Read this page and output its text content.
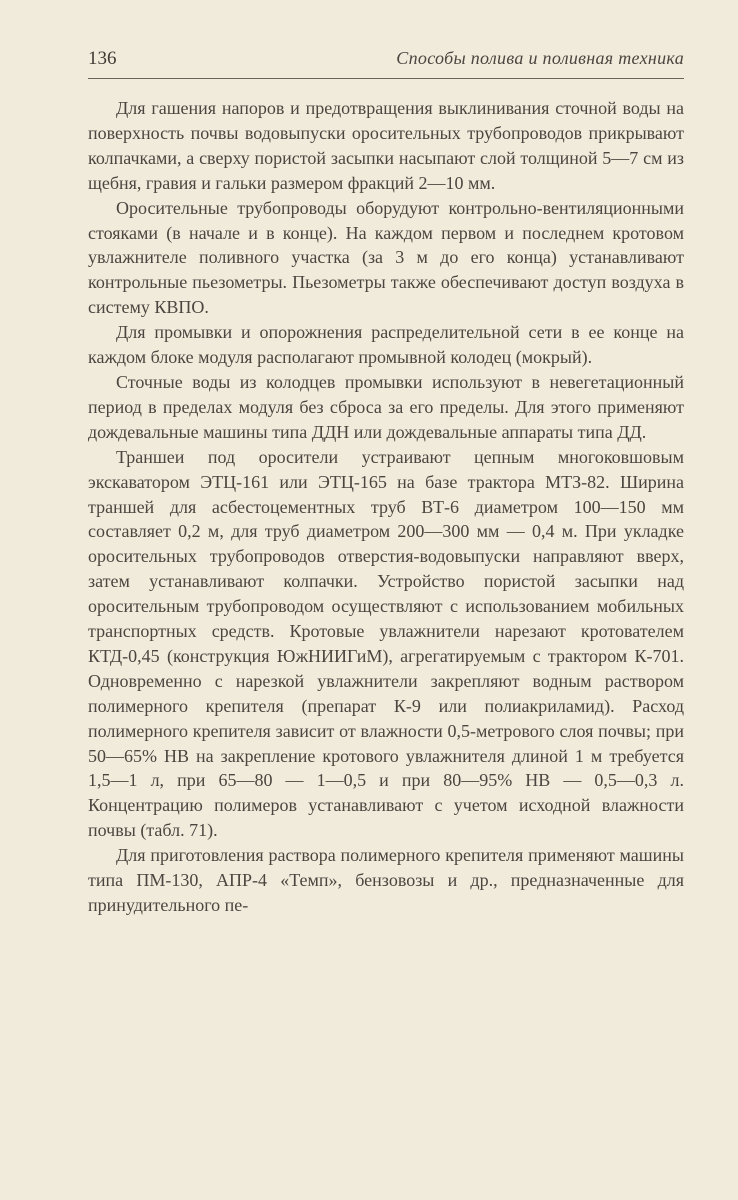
136	Способы полива и поливная техника

Для гашения напоров и предотвращения выклинивания сточной воды на поверхность почвы водовыпуски оросительных трубопроводов прикрывают колпачками, а сверху пористой засыпки насыпают слой толщиной 5—7 см из щебня, гравия и гальки размером фракций 2—10 мм.

Оросительные трубопроводы оборудуют контрольно-вентиляционными стояками (в начале и в конце). На каждом первом и последнем кротовом увлажнителе поливного участка (за 3 м до его конца) устанавливают контрольные пьезометры. Пьезометры также обеспечивают доступ воздуха в систему КВПО.

Для промывки и опорожнения распределительной сети в ее конце на каждом блоке модуля располагают промывной колодец (мокрый).

Сточные воды из колодцев промывки используют в невегетационный период в пределах модуля без сброса за его пределы. Для этого применяют дождевальные машины типа ДДН или дождевальные аппараты типа ДД.

Траншеи под оросители устраивают цепным многоковшовым экскаватором ЭТЦ-161 или ЭТЦ-165 на базе трактора МТЗ-82. Ширина траншей для асбестоцементных труб ВТ-6 диаметром 100—150 мм составляет 0,2 м, для труб диаметром 200—300 мм — 0,4 м. При укладке оросительных трубопроводов отверстия-водовыпуски направляют вверх, затем устанавливают колпачки. Устройство пористой засыпки над оросительным трубопроводом осуществляют с использованием мобильных транспортных средств. Кротовые увлажнители нарезают кротователем КТД-0,45 (конструкция ЮжНИИГиМ), агрегатируемым с трактором К-701. Одновременно с нарезкой увлажнители закрепляют водным раствором полимерного крепителя (препарат К-9 или полиакриламид). Расход полимерного крепителя зависит от влажности 0,5-метрового слоя почвы; при 50—65% НВ на закрепление кротового увлажнителя длиной 1 м требуется 1,5—1 л, при 65—80 — 1—0,5 и при 80—95% НВ — 0,5—0,3 л. Концентрацию полимеров устанавливают с учетом исходной влажности почвы (табл. 71).

Для приготовления раствора полимерного крепителя применяют машины типа ПМ-130, АПР-4 «Темп», бензовозы и др., предназначенные для принудительного пе-
